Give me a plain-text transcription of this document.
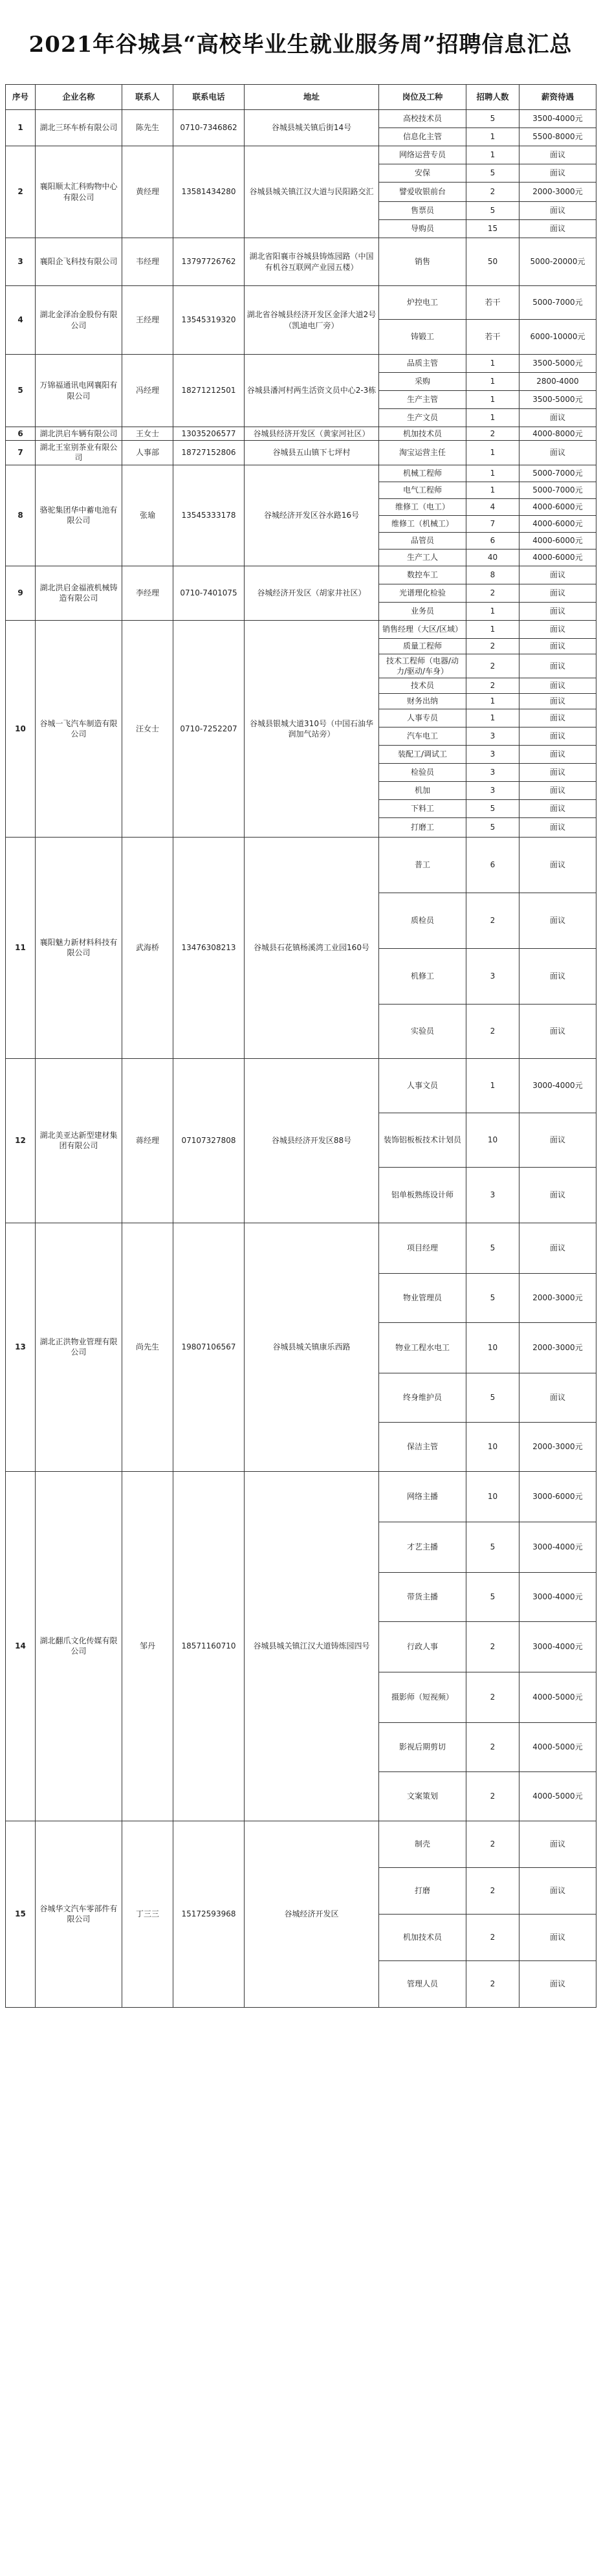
2021年谷城县“高校毕业生就业服务周”招聘信息汇总
序号	企业名称	联系人	联系电话	地址	岗位及工种	招聘人数	薪资待遇
1	湖北三环车桥有限公司	陈先生	0710-7346862	谷城县城关镇后街14号	高校技术员	5	3500-4000元
					信息化主管	1	5500-8000元
2	襄阳顺太汇科购物中心有限公司	黄经理	13581434280	谷城县城关镇江汉大道与民阳路交汇	网络运营专员	1	面议
					安保	5	面议
					譬爱收银前台	2	2000-3000元
					售票员	5	面议
					导购员	15	面议
3	襄阳企飞科技有限公司	韦经理	13797726762	湖北省阳襄市谷城县铸炼园路（中国有机谷互联网产业园五楼）	销售	50	5000-20000元
4	湖北金泽冶金股份有限公司	王经理	13545319320	湖北省谷城县经济开发区金泽大道2号（凯迪电厂旁）	炉控电工	若干	5000-7000元
					铸锻工	若干	6000-10000元
5	万锦福通讯电网襄阳有限公司	冯经理	18271212501	谷城县潘河村两生活资文员中心2-3栋	品质主管	1	3500-5000元
					采购	1	2800-4000
					生产主管	1	3500-5000元
					生产文员	1	面议
6	湖北洪启车辆有限公司	王女士	13035206577	谷城县经济开发区（黄家河社区）	机加技术员	2	4000-8000元
7	湖北王室别茶业有限公司	人事部	18727152806	谷城县五山镇下七坪村	淘宝运营主任	1	面议
8	骆驼集团华中蓄电池有限公司	张瑜	13545333178	谷城经济开发区谷水路16号	机械工程师	1	5000-7000元
					电气工程师	1	5000-7000元
					维修工（电工）	4	4000-6000元
					维修工（机械工）	7	4000-6000元
					品管员	6	4000-6000元
					生产工人	40	4000-6000元
9	湖北洪启金福液机械铸造有限公司	李经理	0710-7401075	谷城经济开发区（胡家井社区）	数控车工	8	面议
					光谱理化检验	2	面议
					业务员	1	面议
10	谷城一飞汽车制造有限公司	汪女士	0710-7252207	谷城县银城大道310号（中国石油华润加气站旁）	销售经理（大区/区域）	1	面议
					质量工程师	2	面议
					技术工程师（电器/动力/驱动/车身）	2	面议
					技术员	2	面议
					财务出纳	1	面议
					人事专员	1	面议
					汽车电工	3	面议
					装配工/调试工	3	面议
					检验员	3	面议
					机加	3	面议
					下料工	5	面议
					打磨工	5	面议
11	襄阳魅力新材料科技有限公司	武海桥	13476308213	谷城县石花镇杨溪湾工业园160号	普工	6	面议
					质检员	2	面议
					机修工	3	面议
					实验员	2	面议
12	湖北美亚达新型建材集团有限公司	蒋经理	07107327808	谷城县经济开发区88号	人事文员	1	3000-4000元
					装饰铝板板技术计划员	10	面议
					铝单板熟练设计师	3	面议
13	湖北正洪物业管理有限公司	尚先生	19807106567	谷城县城关镇康乐西路	项目经理	5	面议
					物业管理员	5	2000-3000元
					物业工程水电工	10	2000-3000元
					终身维护员	5	面议
					保洁主管	10	2000-3000元
14	湖北翻爪文化传媒有限公司	邹丹	18571160710	谷城县城关镇江汉大道铸炼园四号	网络主播	10	3000-6000元
					才艺主播	5	3000-4000元
					带货主播	5	3000-4000元
					行政人事	2	3000-4000元
					摄影师（短视频）	2	4000-5000元
					影视后期剪切	2	4000-5000元
					文案策划	2	4000-5000元
15	谷城华文汽车零部件有限公司	丁三三	15172593968	谷城经济开发区	制壳	2	面议
					打磨	2	面议
					机加技术员	2	面议
					管理人员	2	面议
